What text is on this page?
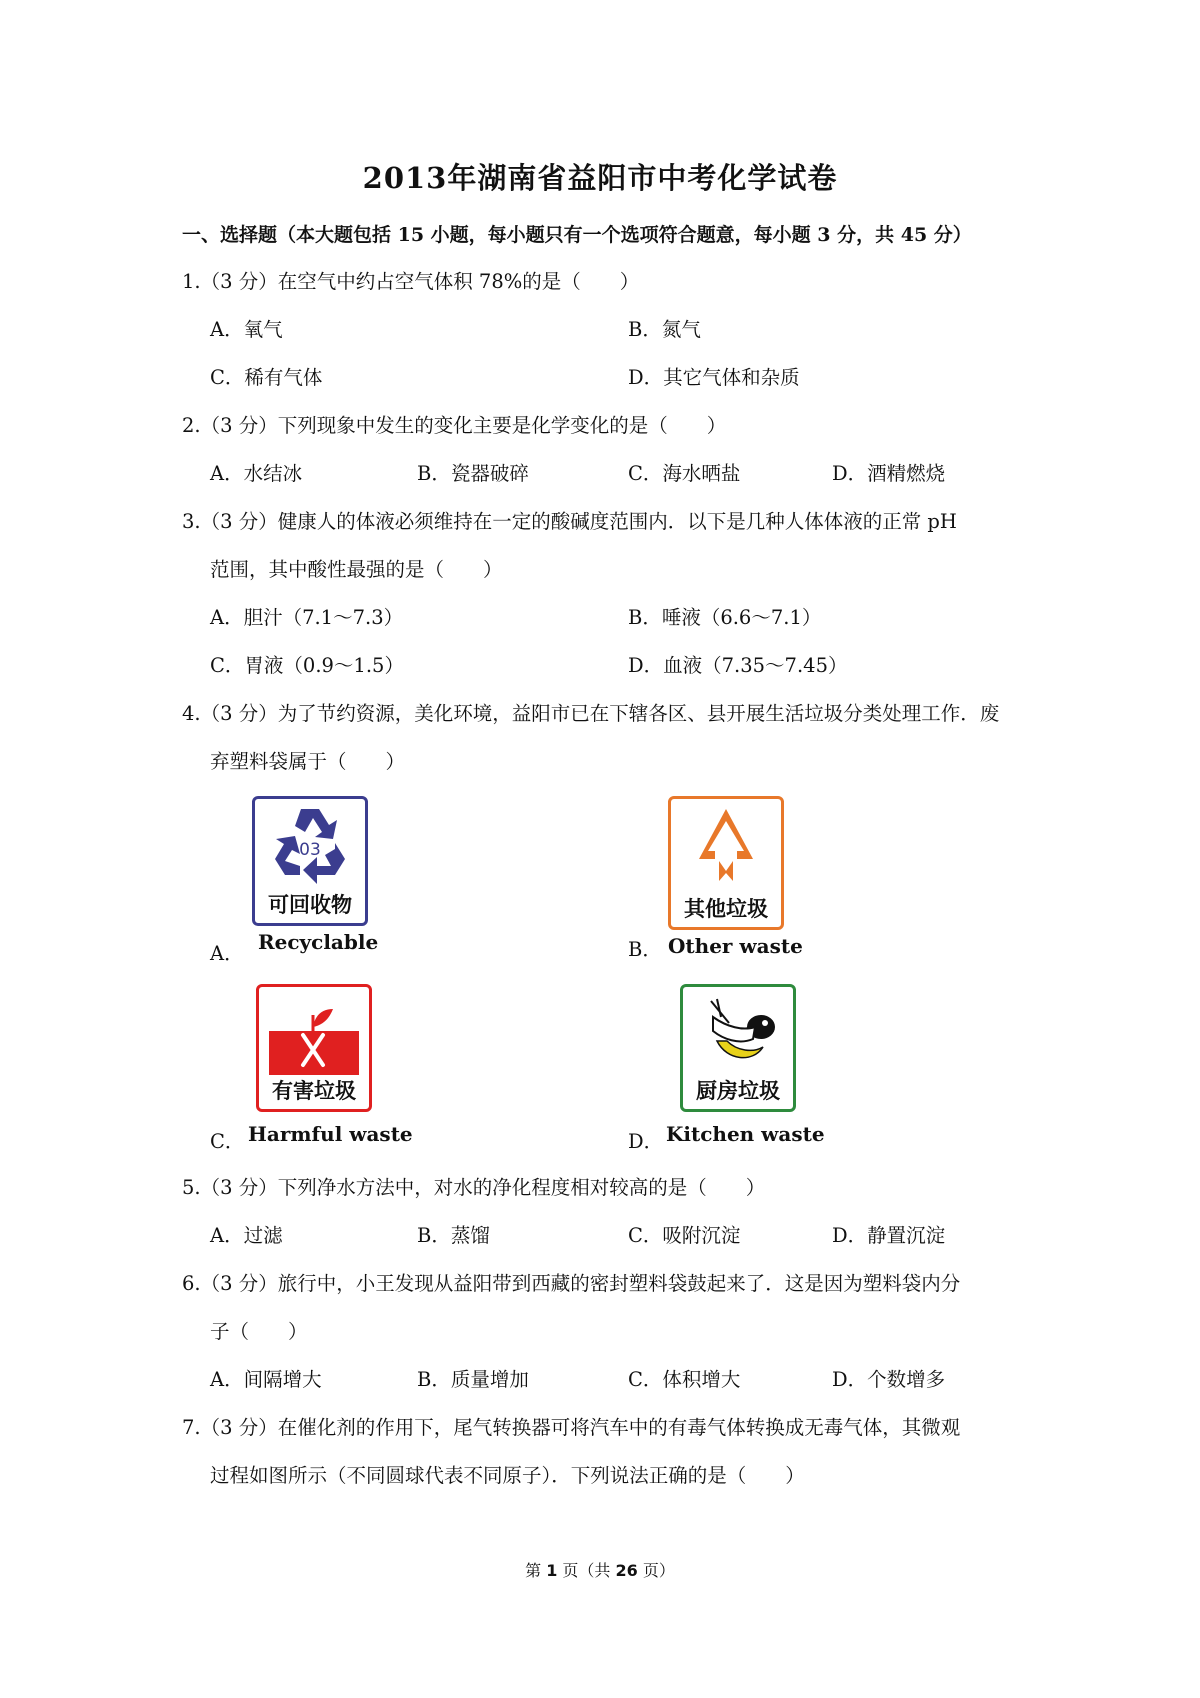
2013年湖南省益阳市中考化学试卷
一、选择题（本大题包括 15 小题，每小题只有一个选项符合题意，每小题 3 分，共 45 分）
1.（3 分）在空气中约占空气体积 78%的是（　　）
A．氧气	B．氮气
C．稀有气体	D．其它气体和杂质
2.（3 分）下列现象中发生的变化主要是化学变化的是（　　）
A．水结冰	B．瓷器破碎	C．海水晒盐	D．酒精燃烧
3.（3 分）健康人的体液必须维持在一定的酸碱度范围内．以下是几种人体体液的正常 pH
范围，其中酸性最强的是（　　）
A．胆汁（7.1～7.3）	B．唾液（6.6～7.1）
C．胃液（0.9～1.5）	D．血液（7.35～7.45）
4.（3 分）为了节约资源，美化环境，益阳市已在下辖各区、县开展生活垃圾分类处理工作．废
弃塑料袋属于（　　）
03
可回收物
A． Recyclable
其他垃圾
B． Other waste
有害垃圾
C． Harmful waste
厨房垃圾
D． Kitchen waste
5.（3 分）下列净水方法中，对水的净化程度相对较高的是（　　）
A．过滤	B．蒸馏	C．吸附沉淀	D．静置沉淀
6.（3 分）旅行中，小王发现从益阳带到西藏的密封塑料袋鼓起来了．这是因为塑料袋内分
子（　　）
A．间隔增大	B．质量增加	C．体积增大	D．个数增多
7.（3 分）在催化剂的作用下，尾气转换器可将汽车中的有毒气体转换成无毒气体，其微观
过程如图所示（不同圆球代表不同原子）．下列说法正确的是（　　）
第 1 页（共 26 页）
